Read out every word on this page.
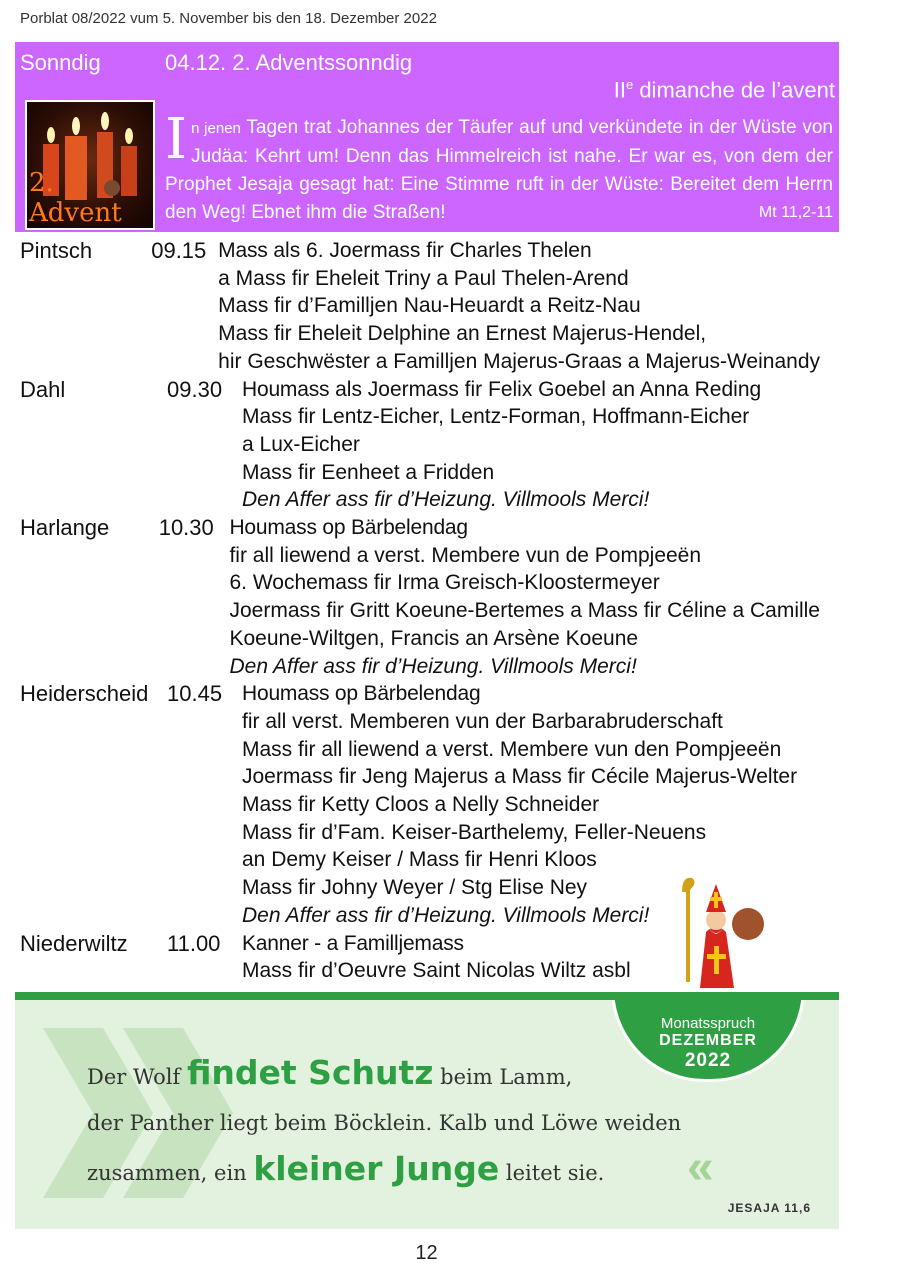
Porblat 08/2022 vum 5. November bis den 18. Dezember 2022
Sonndig	04.12. 2. Adventssonndig
IIe dimanche de l’avent
2. Advent
In jenen Tagen trat Johannes der Täufer auf und verkündete in der Wüste von Judäa: Kehrt um! Denn das Himmelreich ist nahe. Er war es, von dem der Prophet Jesaja gesagt hat: Eine Stimme ruft in der Wüste: Bereitet dem Herrn den Weg! Ebnet ihm die Straßen!	Mt 11,2-11
Pintsch	09.15 Mass als 6. Joermass fir Charles Thelen
a Mass fir Eheleit Triny a Paul Thelen-Arend
Mass fir d’Familljen Nau-Heuardt a Reitz-Nau
Mass fir Eheleit Delphine an Ernest Majerus-Hendel,
hir Geschwëster a Familljen Majerus-Graas a Majerus-Weinandy
Dahl	09.30 Houmass als Joermass fir Felix Goebel an Anna Reding
Mass fir Lentz-Eicher, Lentz-Forman, Hoffmann-Eicher
a Lux-Eicher
Mass fir Eenheet a Fridden
Den Affer ass fir d’Heizung. Villmools Merci!
Harlange	10.30 Houmass op Bärbelendag
fir all liewend a verst. Membere vun de Pompjeeën
6. Wochemass fir Irma Greisch-Kloostermeyer
Joermass fir Gritt Koeune-Bertemes a Mass fir Céline a Camille
Koeune-Wiltgen, Francis an Arsène Koeune
Den Affer ass fir d’Heizung. Villmools Merci!
Heiderscheid 10.45 Houmass op Bärbelendag
fir all verst. Memberen vun der Barbarabruderschaft
Mass fir all liewend a verst. Membere vun den Pompjeeën
Joermass fir Jeng Majerus a Mass fir Cécile Majerus-Welter
Mass fir Ketty Cloos a Nelly Schneider
Mass fir d’Fam. Keiser-Barthelemy, Feller-Neuens
an Demy Keiser / Mass fir Henri Kloos
Mass fir Johny Weyer / Stg Elise Ney
Den Affer ass fir d’Heizung. Villmools Merci!
Niederwiltz	11.00	Kanner - a Familljemass
Mass fir d’Oeuvre Saint Nicolas Wiltz asbl
Monatsspruch
DEZEMBER
2022
Der Wolf findet Schutz beim Lamm,
der Panther liegt beim Böcklein. Kalb und Löwe weiden
zusammen, ein kleiner Junge leitet sie.	«
JESAJA 11,6
12
